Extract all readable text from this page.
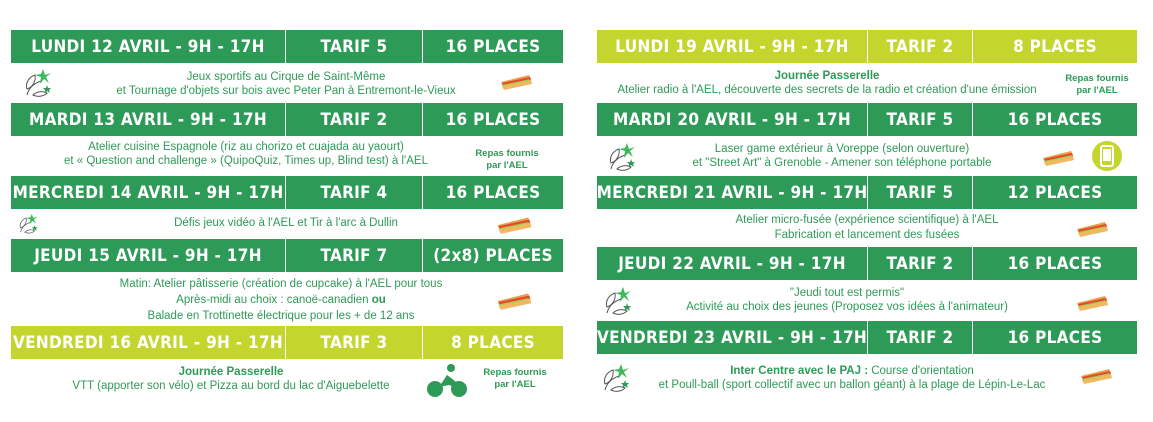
LUNDI 12 AVRIL - 9H - 17H	TARIF 5	16 PLACES
Jeux sportifs au Cirque de Saint-Même
et Tournage d'objets sur bois avec Peter Pan à Entremont-le-Vieux
MARDI 13 AVRIL - 9H - 17H	TARIF 2	16 PLACES
Atelier cuisine Espagnole (riz au chorizo et cuajada au yaourt)
et « Question and challenge » (QuipoQuiz, Times up, Blind test) à l'AEL
Repas fournis
par l'AEL
MERCREDI 14 AVRIL - 9H - 17H	TARIF 4	16 PLACES
Défis jeux vidéo à l'AEL et Tir à l'arc à Dullin
JEUDI 15 AVRIL - 9H - 17H	TARIF 7	(2x8) PLACES
Matin: Atelier pâtisserie (création de cupcake) à l'AEL pour tous
Après-midi au choix : canoë-canadien ou
Balade en Trottinette électrique pour les + de 12 ans
VENDREDI 16 AVRIL - 9H - 17H	TARIF 3	8 PLACES
Journée Passerelle
VTT (apporter son vélo) et Pizza au bord du lac d'Aiguebelette
Repas fournis
par l'AEL
LUNDI 19 AVRIL - 9H - 17H	TARIF 2	8 PLACES
Journée Passerelle
Atelier radio à l'AEL, découverte des secrets de la radio et création d'une émission
Repas fournis
par l'AEL
MARDI 20 AVRIL - 9H - 17H	TARIF 5	16 PLACES
Laser game extérieur à Voreppe (selon ouverture)
et "Street Art" à Grenoble - Amener son téléphone portable
MERCREDI 21 AVRIL - 9H - 17H	TARIF 5	12 PLACES
Atelier micro-fusée (expérience scientifique) à l'AEL
Fabrication et lancement des fusées
JEUDI 22 AVRIL - 9H - 17H	TARIF 2	16 PLACES
"Jeudi tout est permis"
Activité au choix des jeunes (Proposez vos idées à l'animateur)
VENDREDI 23 AVRIL - 9H - 17H	TARIF 2	16 PLACES
Inter Centre avec le PAJ : Course d'orientation
et Poull-ball (sport collectif avec un ballon géant) à la plage de Lépin-Le-Lac
